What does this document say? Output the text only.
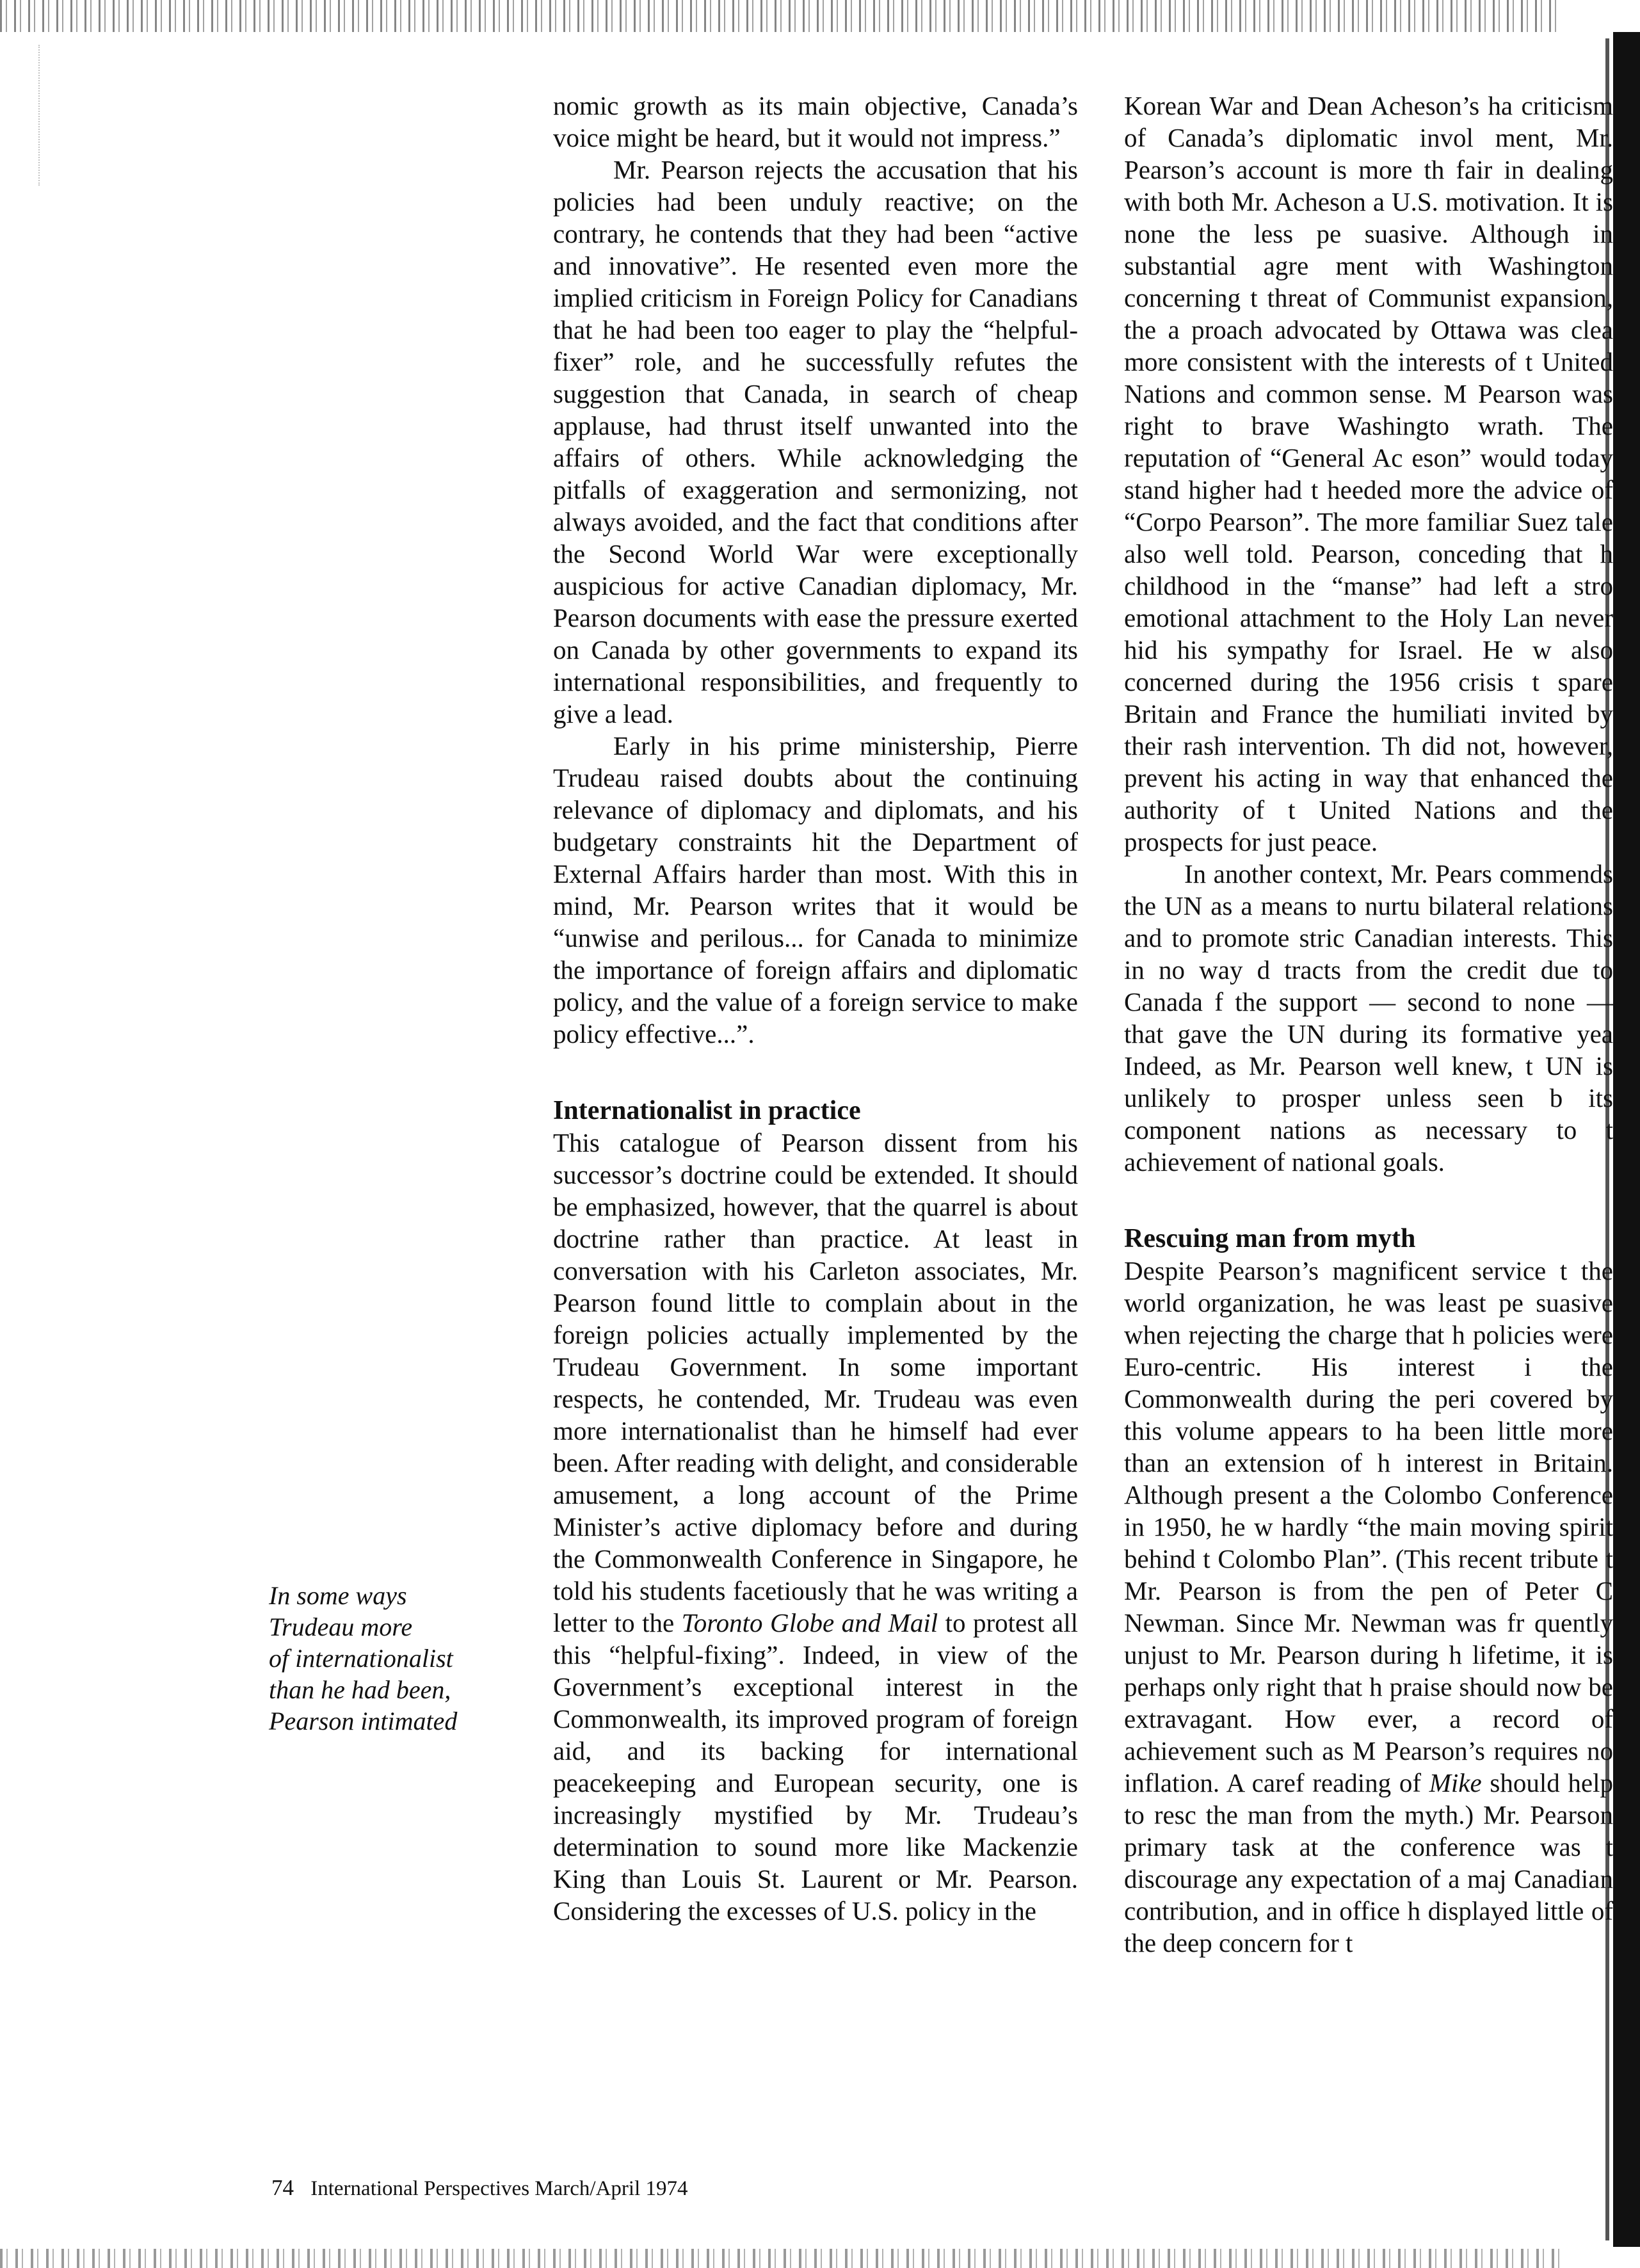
In some ways
Trudeau more
of internationalist
than he had been,
Pearson intimated

nomic growth as its main objective, Canada’s voice might be heard, but it would not impress.”

Mr. Pearson rejects the accusation that his policies had been unduly reactive; on the contrary, he contends that they had been “active and innovative”. He resented even more the implied criticism in Foreign Policy for Canadians that he had been too eager to play the “helpful-fixer” role, and he successfully refutes the suggestion that Canada, in search of cheap applause, had thrust itself unwanted into the affairs of others. While acknowledging the pitfalls of exaggeration and sermonizing, not always avoided, and the fact that conditions after the Second World War were exceptionally auspicious for active Canadian diplomacy, Mr. Pearson documents with ease the pressure exerted on Canada by other governments to expand its international responsibilities, and frequently to give a lead.

Early in his prime ministership, Pierre Trudeau raised doubts about the continuing relevance of diplomacy and diplomats, and his budgetary constraints hit the Department of External Affairs harder than most. With this in mind, Mr. Pearson writes that it would be “unwise and perilous... for Canada to minimize the importance of foreign affairs and diplomatic policy, and the value of a foreign service to make policy effective...”.

Internationalist in practice

This catalogue of Pearson dissent from his successor’s doctrine could be extended. It should be emphasized, however, that the quarrel is about doctrine rather than practice. At least in conversation with his Carleton associates, Mr. Pearson found little to complain about in the foreign policies actually implemented by the Trudeau Government. In some important respects, he contended, Mr. Trudeau was even more internationalist than he himself had ever been. After reading with delight, and considerable amusement, a long account of the Prime Minister’s active diplomacy before and during the Commonwealth Conference in Singapore, he told his students facetiously that he was writing a letter to the Toronto Globe and Mail to protest all this “helpful-fixing”. Indeed, in view of the Government’s exceptional interest in the Commonwealth, its improved program of foreign aid, and its backing for international peacekeeping and European security, one is increasingly mystified by Mr. Trudeau’s determination to sound more like Mackenzie King than Louis St. Laurent or Mr. Pearson. Considering the excesses of U.S. policy in the

Korean War and Dean Acheson’s ha criticism of Canada’s diplomatic invol ment, Mr. Pearson’s account is more th fair in dealing with both Mr. Acheson a U.S. motivation. It is none the less pe suasive. Although in substantial agre ment with Washington concerning t threat of Communist expansion, the a proach advocated by Ottawa was clea more consistent with the interests of t United Nations and common sense. M Pearson was right to brave Washingto wrath. The reputation of “General Ac eson” would today stand higher had t heeded more the advice of “Corpo Pearson”. The more familiar Suez tale also well told. Pearson, conceding that h childhood in the “manse” had left a stro emotional attachment to the Holy Lan never hid his sympathy for Israel. He w also concerned during the 1956 crisis t spare Britain and France the humiliati invited by their rash intervention. Th did not, however, prevent his acting in way that enhanced the authority of t United Nations and the prospects for just peace.

In another context, Mr. Pears commends the UN as a means to nurtu bilateral relations and to promote stric Canadian interests. This in no way d tracts from the credit due to Canada f the support — second to none — that gave the UN during its formative yea Indeed, as Mr. Pearson well knew, t UN is unlikely to prosper unless seen b its component nations as necessary to t achievement of national goals.

Rescuing man from myth

Despite Pearson’s magnificent service t the world organization, he was least pe suasive when rejecting the charge that h policies were Euro-centric. His interest i the Commonwealth during the peri covered by this volume appears to ha been little more than an extension of h interest in Britain. Although present a the Colombo Conference in 1950, he w hardly “the main moving spirit behind t Colombo Plan”. (This recent tribute t Mr. Pearson is from the pen of Peter C Newman. Since Mr. Newman was fr quently unjust to Mr. Pearson during h lifetime, it is perhaps only right that h praise should now be extravagant. How ever, a record of achievement such as M Pearson’s requires no inflation. A caref reading of Mike should help to resc the man from the myth.) Mr. Pearson primary task at the conference was t discourage any expectation of a maj Canadian contribution, and in office h displayed little of the deep concern for t

74 International Perspectives March/April 1974
